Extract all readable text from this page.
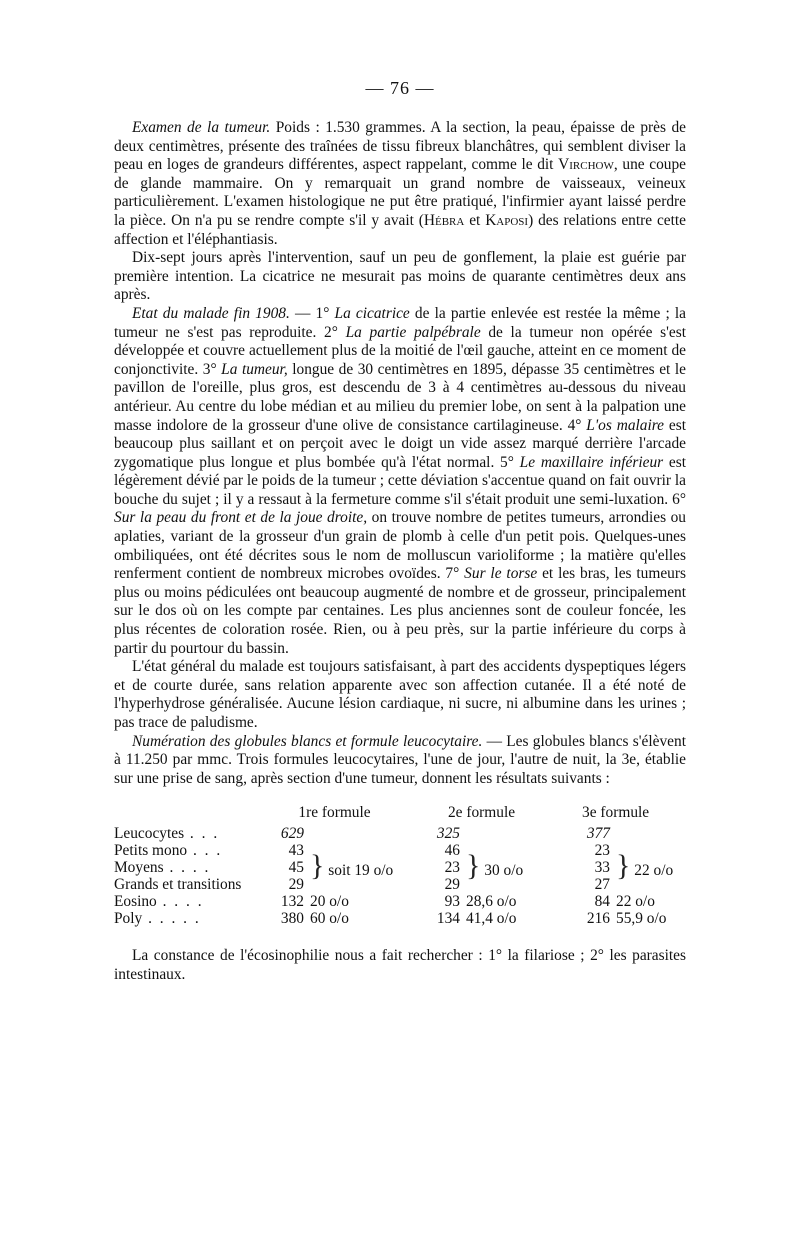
— 76 —

Examen de la tumeur. Poids : 1.530 grammes. A la section, la peau, épaisse de près de deux centimètres, présente des traînées de tissu fibreux blanchâtres, qui semblent diviser la peau en loges de grandeurs différentes, aspect rappelant, comme le dit Virchow, une coupe de glande mammaire. On y remarquait un grand nombre de vaisseaux, veineux particulièrement. L'examen histologique ne put être pratiqué, l'infirmier ayant laissé perdre la pièce. On n'a pu se rendre compte s'il y avait (Hébra et Kaposi) des relations entre cette affection et l'éléphantiasis.

Dix-sept jours après l'intervention, sauf un peu de gonflement, la plaie est guérie par première intention. La cicatrice ne mesurait pas moins de quarante centimètres deux ans après.

Etat du malade fin 1908. — 1° La cicatrice de la partie enlevée est restée la même ; la tumeur ne s'est pas reproduite. 2° La partie palpébrale de la tumeur non opérée s'est développée et couvre actuellement plus de la moitié de l'œil gauche, atteint en ce moment de conjonctivite. 3° La tumeur, longue de 30 centimètres en 1895, dépasse 35 centimètres et le pavillon de l'oreille, plus gros, est descendu de 3 à 4 centimètres au-dessous du niveau antérieur. Au centre du lobe médian et au milieu du premier lobe, on sent à la palpation une masse indolore de la grosseur d'une olive de consistance cartilagineuse. 4° L'os malaire est beaucoup plus saillant et on perçoit avec le doigt un vide assez marqué derrière l'arcade zygomatique plus longue et plus bombée qu'à l'état normal. 5° Le maxillaire inférieur est légèrement dévié par le poids de la tumeur ; cette déviation s'accentue quand on fait ouvrir la bouche du sujet ; il y a ressaut à la fermeture comme s'il s'était produit une semi-luxation. 6° Sur la peau du front et de la joue droite, on trouve nombre de petites tumeurs, arrondies ou aplaties, variant de la grosseur d'un grain de plomb à celle d'un petit pois. Quelques-unes ombiliquées, ont été décrites sous le nom de molluscun varioliforme ; la matière qu'elles renferment contient de nombreux microbes ovoïdes. 7° Sur le torse et les bras, les tumeurs plus ou moins pédiculées ont beaucoup augmenté de nombre et de grosseur, principalement sur le dos où on les compte par centaines. Les plus anciennes sont de couleur foncée, les plus récentes de coloration rosée. Rien, ou à peu près, sur la partie inférieure du corps à partir du pourtour du bassin.

L'état général du malade est toujours satisfaisant, à part des accidents dyspeptiques légers et de courte durée, sans relation apparente avec son affection cutanée. Il a été noté de l'hyperhydrose généralisée. Aucune lésion cardiaque, ni sucre, ni albumine dans les urines ; pas trace de paludisme.

Numération des globules blancs et formule leucocytaire. — Les globules blancs s'élèvent à 11.250 par mmc. Trois formules leucocytaires, l'une de jour, l'autre de nuit, la 3e, établie sur une prise de sang, après section d'une tumeur, donnent les résultats suivants :

	1re formule		2e formule		3e formule	
Leucocytes . . .	629		325		377	
Petits mono . . .	43	} soit 19 o/o	46	} 30 o/o	23	} 22 o/o
Moyens . . . .	45		23		33	
Grands et transitions	29		29		27	
Eosino . . . .	132	20 o/o	93	28,6 o/o	84	22 o/o
Poly . . . . .	380	60 o/o	134	41,4 o/o	216	55,9 o/o

La constance de l'écosinophilie nous a fait rechercher : 1° la filariose ; 2° les parasites intestinaux.
